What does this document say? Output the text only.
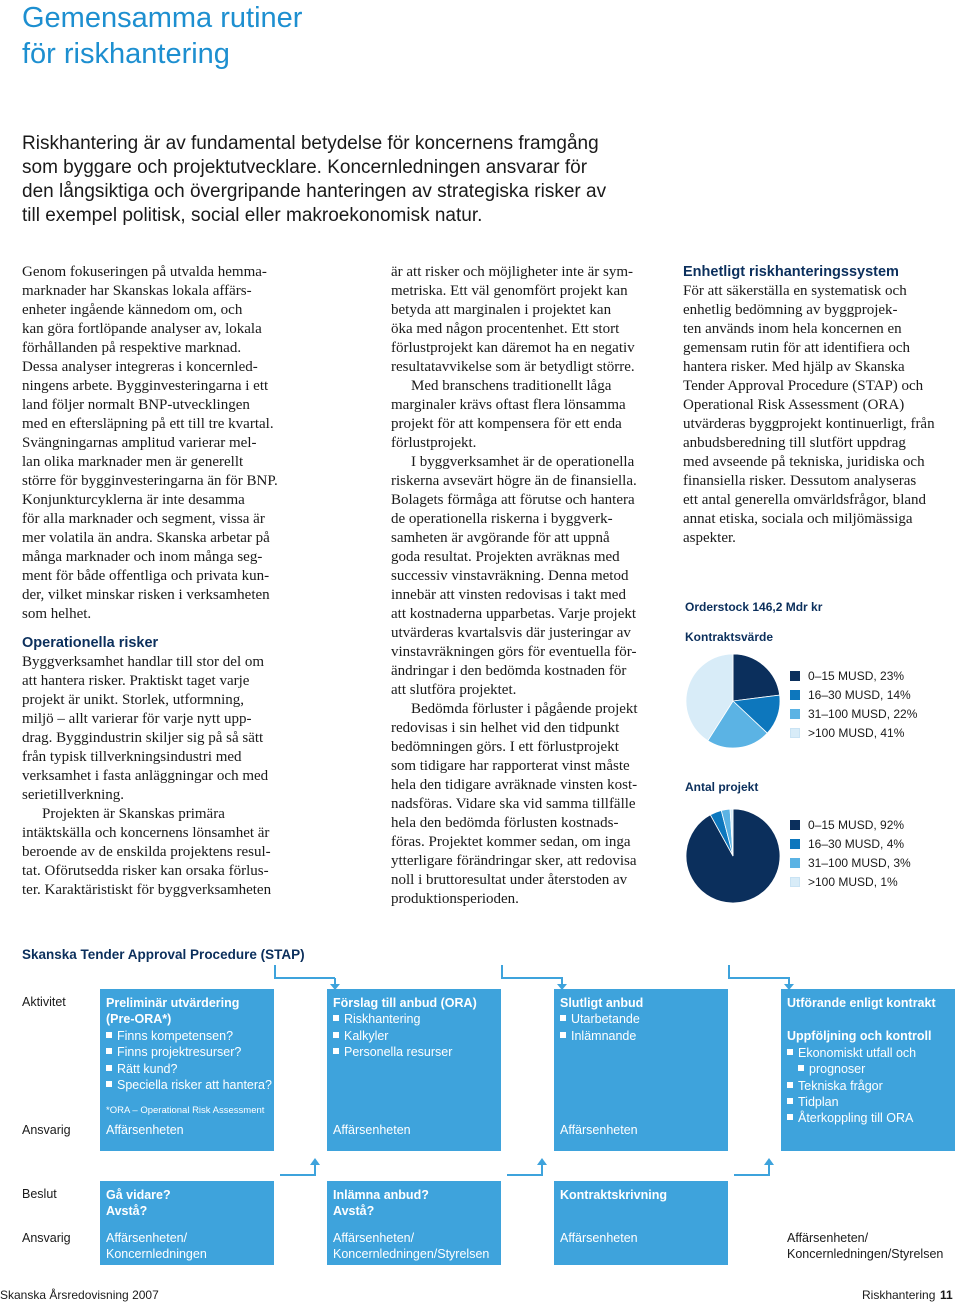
Gemensamma rutiner
för riskhantering
Riskhantering är av fundamental betydelse för koncernens framgång
som byggare och projektutvecklare. Koncernledningen ansvarar för
den långsiktiga och övergripande hanteringen av strategiska risker av
till exempel politisk, social eller makroekonomisk natur.
Genom fokuseringen på utvalda hemma-
marknader har Skanskas lokala affärs-
enheter ingående kännedom om, och
kan göra fortlöpande analyser av, lokala
förhållanden på respektive marknad.
Dessa analyser integreras i koncernled-
ningens arbete. Bygginvesteringarna i ett
land följer normalt BNP-utvecklingen
med en eftersläpning på ett till tre kvartal.
Svängningarnas amplitud varierar mel-
lan olika marknader men är generellt
större för bygginvesteringarna än för BNP.
Konjunkturcyklerna är inte desamma
för alla marknader och segment, vissa är
mer volatila än andra. Skanska arbetar på
många marknader och inom många seg-
ment för både offentliga och privata kun-
der, vilket minskar risken i verksamheten
som helhet.
Operationella risker
Byggverksamhet handlar till stor del om
att hantera risker. Praktiskt taget varje
projekt är unikt. Storlek, utformning,
miljö – allt varierar för varje nytt upp-
drag. Byggindustrin skiljer sig på så sätt
från typisk tillverkningsindustri med
verksamhet i fasta anläggningar och med
serietillverkning.
Projekten är Skanskas primära
intäktskälla och koncernens lönsamhet är
beroende av de enskilda projektens resul-
tat. Oförutsedda risker kan orsaka förlus-
ter. Karaktäristiskt för byggverksamheten
är att risker och möjligheter inte är sym-
metriska. Ett väl genomfört projekt kan
betyda att marginalen i projektet kan
öka med någon procentenhet. Ett stort
förlustprojekt kan däremot ha en negativ
resultatavvikelse som är betydligt större.
Med branschens traditionellt låga
marginaler krävs oftast flera lönsamma
projekt för att kompensera för ett enda
förlustprojekt.
I byggverksamhet är de operationella
riskerna avsevärt högre än de finansiella.
Bolagets förmåga att förutse och hantera
de operationella riskerna i byggverk-
samheten är avgörande för att uppnå
goda resultat. Projekten avräknas med
successiv vinstavräkning. Denna metod
innebär att vinsten redovisas i takt med
att kostnaderna upparbetas. Varje projekt
utvärderas kvartalsvis där justeringar av
vinstavräkningen görs för eventuella för-
ändringar i den bedömda kostnaden för
att slutföra projektet.
Bedömda förluster i pågående projekt
redovisas i sin helhet vid den tidpunkt
bedömningen görs. I ett förlustprojekt
som tidigare har rapporterat vinst måste
hela den tidigare avräknade vinsten kost-
nadsföras. Vidare ska vid samma tillfälle
hela den bedömda förlusten kostnads-
föras. Projektet kommer sedan, om inga
ytterligare förändringar sker, att redovisa
noll i bruttoresultat under återstoden av
produktionsperioden.
Enhetligt riskhanteringssystem
För att säkerställa en systematisk och
enhetlig bedömning av byggprojek-
ten används inom hela koncernen en
gemensam rutin för att identifiera och
hantera risker. Med hjälp av Skanska
Tender Approval Procedure (STAP) och
Operational Risk Assessment (ORA)
utvärderas byggprojekt kontinuerligt, från
anbudsberedning till slutfört uppdrag
med avseende på tekniska, juridiska och
finansiella risker. Dessutom analyseras
ett antal generella omvärldsfrågor, bland
annat etiska, sociala och miljömässiga
aspekter.
Orderstock 146,2 Mdr kr
Kontraktsvärde
0–15 MUSD, 23%
16–30 MUSD, 14%
31–100 MUSD, 22%
>100 MUSD, 41%
Antal projekt
0–15 MUSD, 92%
16–30 MUSD, 4%
31–100 MUSD, 3%
>100 MUSD, 1%
Skanska Tender Approval Procedure (STAP)
Aktivitet
Ansvarig
Beslut
Ansvarig
Preliminär utvärdering
(Pre-ORA*)
Finns kompetensen?
Finns projektresurser?
Rätt kund?
Speciella risker att hantera?
*ORA – Operational Risk Assessment
Affärsenheten
Förslag till anbud (ORA)
Riskhantering
Kalkyler
Personella resurser
Affärsenheten
Slutligt anbud
Utarbetande
Inlämnande
Affärsenheten
Utförande enligt kontrakt
Uppföljning och kontroll
Ekonomiskt utfall och
prognoser
Tekniska frågor
Tidplan
Återkoppling till ORA
Gå vidare?
Avstå?
Affärsenheten/
Koncernledningen
Inlämna anbud?
Avstå?
Affärsenheten/
Koncernledningen/Styrelsen
Kontraktskrivning
Affärsenheten	Affärsenheten/
Koncernledningen/Styrelsen
Skanska Årsredovisning 2007	Riskhantering 11
